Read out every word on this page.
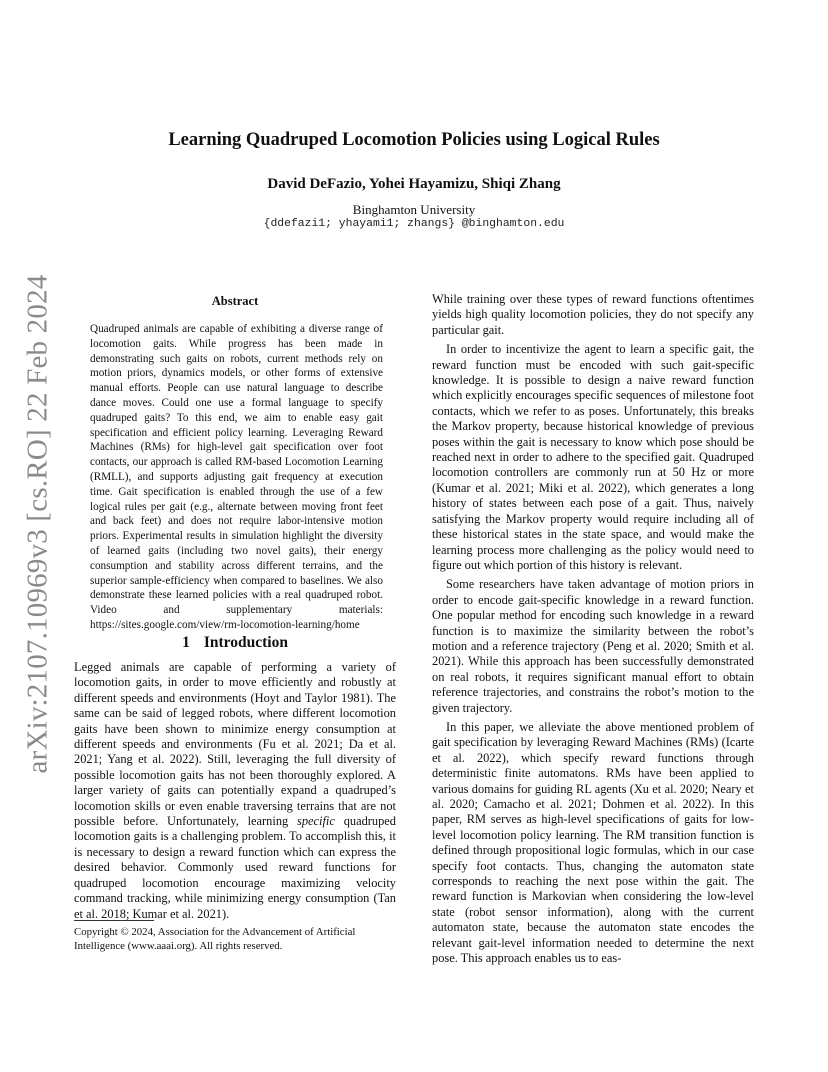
arXiv:2107.10969v3 [cs.RO] 22 Feb 2024
Learning Quadruped Locomotion Policies using Logical Rules
David DeFazio, Yohei Hayamizu, Shiqi Zhang
Binghamton University
{ddefazi1; yhayami1; zhangs} @binghamton.edu
Abstract
Quadruped animals are capable of exhibiting a diverse range of locomotion gaits. While progress has been made in demonstrating such gaits on robots, current methods rely on motion priors, dynamics models, or other forms of extensive manual efforts. People can use natural language to describe dance moves. Could one use a formal language to specify quadruped gaits? To this end, we aim to enable easy gait specification and efficient policy learning. Leveraging Reward Machines (RMs) for high-level gait specification over foot contacts, our approach is called RM-based Locomotion Learning (RMLL), and supports adjusting gait frequency at execution time. Gait specification is enabled through the use of a few logical rules per gait (e.g., alternate between moving front feet and back feet) and does not require labor-intensive motion priors. Experimental results in simulation highlight the diversity of learned gaits (including two novel gaits), their energy consumption and stability across different terrains, and the superior sample-efficiency when compared to baselines. We also demonstrate these learned policies with a real quadruped robot. Video and supplementary materials: https://sites.google.com/view/rm-locomotion-learning/home
1 Introduction

Legged animals are capable of performing a variety of locomotion gaits, in order to move efficiently and robustly at different speeds and environments (Hoyt and Taylor 1981). The same can be said of legged robots, where different locomotion gaits have been shown to minimize energy consumption at different speeds and environments (Fu et al. 2021; Da et al. 2021; Yang et al. 2022). Still, leveraging the full diversity of possible locomotion gaits has not been thoroughly explored. A larger variety of gaits can potentially expand a quadruped’s locomotion skills or even enable traversing terrains that are not possible before. Unfortunately, learning specific quadruped locomotion gaits is a challenging problem. To accomplish this, it is necessary to design a reward function which can express the desired behavior. Commonly used reward functions for quadruped locomotion encourage maximizing velocity command tracking, while minimizing energy consumption (Tan et al. 2018; Kumar et al. 2021).

Copyright © 2024, Association for the Advancement of Artificial Intelligence (www.aaai.org). All rights reserved.

While training over these types of reward functions oftentimes yields high quality locomotion policies, they do not specify any particular gait.

In order to incentivize the agent to learn a specific gait, the reward function must be encoded with such gait-specific knowledge. It is possible to design a naive reward function which explicitly encourages specific sequences of milestone foot contacts, which we refer to as poses. Unfortunately, this breaks the Markov property, because historical knowledge of previous poses within the gait is necessary to know which pose should be reached next in order to adhere to the specified gait. Quadruped locomotion controllers are commonly run at 50 Hz or more (Kumar et al. 2021; Miki et al. 2022), which generates a long history of states between each pose of a gait. Thus, naively satisfying the Markov property would require including all of these historical states in the state space, and would make the learning process more challenging as the policy would need to figure out which portion of this history is relevant.

Some researchers have taken advantage of motion priors in order to encode gait-specific knowledge in a reward function. One popular method for encoding such knowledge in a reward function is to maximize the similarity between the robot’s motion and a reference trajectory (Peng et al. 2020; Smith et al. 2021). While this approach has been successfully demonstrated on real robots, it requires significant manual effort to obtain reference trajectories, and constrains the robot’s motion to the given trajectory.

In this paper, we alleviate the above mentioned problem of gait specification by leveraging Reward Machines (RMs) (Icarte et al. 2022), which specify reward functions through deterministic finite automatons. RMs have been applied to various domains for guiding RL agents (Xu et al. 2020; Neary et al. 2020; Camacho et al. 2021; Dohmen et al. 2022). In this paper, RM serves as high-level specifications of gaits for low-level locomotion policy learning. The RM transition function is defined through propositional logic formulas, which in our case specify foot contacts. Thus, changing the automaton state corresponds to reaching the next pose within the gait. The reward function is Markovian when considering the low-level state (robot sensor information), along with the current automaton state, because the automaton state encodes the relevant gait-level information needed to determine the next pose. This approach enables us to eas-
